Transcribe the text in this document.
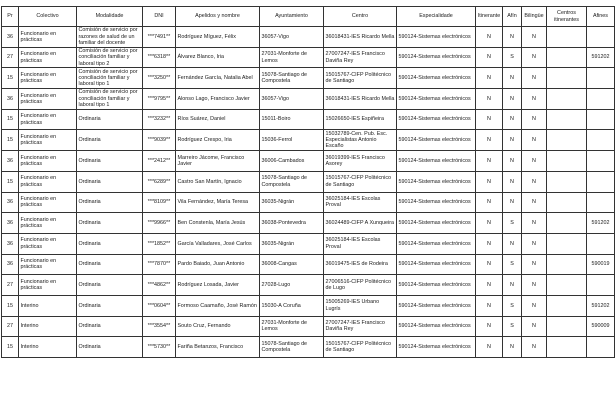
Pr	Colectivo	Modalidade	DNI	Apelidos y nombre	Ayuntamiento	Centro	Especialidade	Itinerante	Afín	Bilingüe	Centros itinerantes	Afines
36	Funcionario en prácticas	Comisión de servicio por razones de salud de un familiar del docente	***7491**	Rodríguez Míguez, Félix	36057-Vigo	36018431-IES Ricardo Mella	590124-Sistemas electrónicos	N	N	N		
27	Funcionario en prácticas	Comisión de servicio por conciliación familiar y laboral tipo 2	***6318**	Álvarez Blanco, Iria	27031-Monforte de Lemos	27007247-IES Francisco Daviña Rey	590124-Sistemas electrónicos	N	S	N		591202
15	Funcionario en prácticas	Comisión de servicio por conciliación familiar y laboral tipo 1	***3250**	Fernández García, Natalia Abel	15078-Santiago de Compostela	15015767-CIFP Politécnico de Santiago	590124-Sistemas electrónicos	N	N	N		
36	Funcionario en prácticas	Comisión de servicio por conciliación familiar y laboral tipo 1	***9795**	Alonso Lago, Francisco Javier	36057-Vigo	36018431-IES Ricardo Mella	590124-Sistemas electrónicos	N	N	N		
15	Funcionario en prácticas	Ordinaria	***3232**	Ríos Suárez, Daniel	15011-Boiro	15026650-IES Espiñeira	590124-Sistemas electrónicos	N	N	N		
15	Funcionario en prácticas	Ordinaria	***9039**	Rodríguez Crespo, Iria	15036-Ferrol	15032789-Cen. Pub. Esc. Especialistas Antonio Escaño	590124-Sistemas electrónicos	N	N	N		
36	Funcionario en prácticas	Ordinaria	***2412**	Marreiro Jácome, Francisco Javier	36006-Cambados	36019399-IES Francisco Asorey	590124-Sistemas electrónicos	N	N	N		
15	Funcionario en prácticas	Ordinaria	***6289**	Castro San Martín, Ignacio	15078-Santiago de Compostela	15015767-CIFP Politécnico de Santiago	590124-Sistemas electrónicos	N	N	N		
36	Funcionario en prácticas	Ordinaria	***8109**	Vila Fernández, María Teresa	36035-Nigrán	36025184-IES Escolas Proval	590124-Sistemas electrónicos	N	N	N		
36	Funcionario en prácticas	Ordinaria	***9966**	Ben Constenla, María Jesús	36038-Pontevedra	36024489-CIFP A Xunqueira	590124-Sistemas electrónicos	N	S	N		591202
36	Funcionario en prácticas	Ordinaria	***1852**	García Valladares, José Carlos	36035-Nigrán	36025184-IES Escolas Proval	590124-Sistemas electrónicos	N	N	N		
36	Funcionario en prácticas	Ordinaria	***7870**	Pardo Baiado, Juan Antonio	36008-Cangas	36019475-IES de Rodeira	590124-Sistemas electrónicos	N	S	N		590019
27	Funcionario en prácticas	Ordinaria	***4862**	Rodríguez Losada, Javier	27028-Lugo	27006516-CIFP Politécnico de Lugo	590124-Sistemas electrónicos	N	N	N		
15	Interino	Ordinaria	***0604**	Formoso Caamaño, José Ramón	15030-A Coruña	15005269-IES Urbano Lugrís	590124-Sistemas electrónicos	N	S	N		591202
27	Interino	Ordinaria	***3554**	Souto Cruz, Fernando	27031-Monforte de Lemos	27007247-IES Francisco Daviña Rey	590124-Sistemas electrónicos	N	S	N		590009
15	Interino	Ordinaria	***5730**	Fariña Betanzos, Francisco	15078-Santiago de Compostela	15015767-CIFP Politécnico de Santiago	590124-Sistemas electrónicos	N	N	N		
